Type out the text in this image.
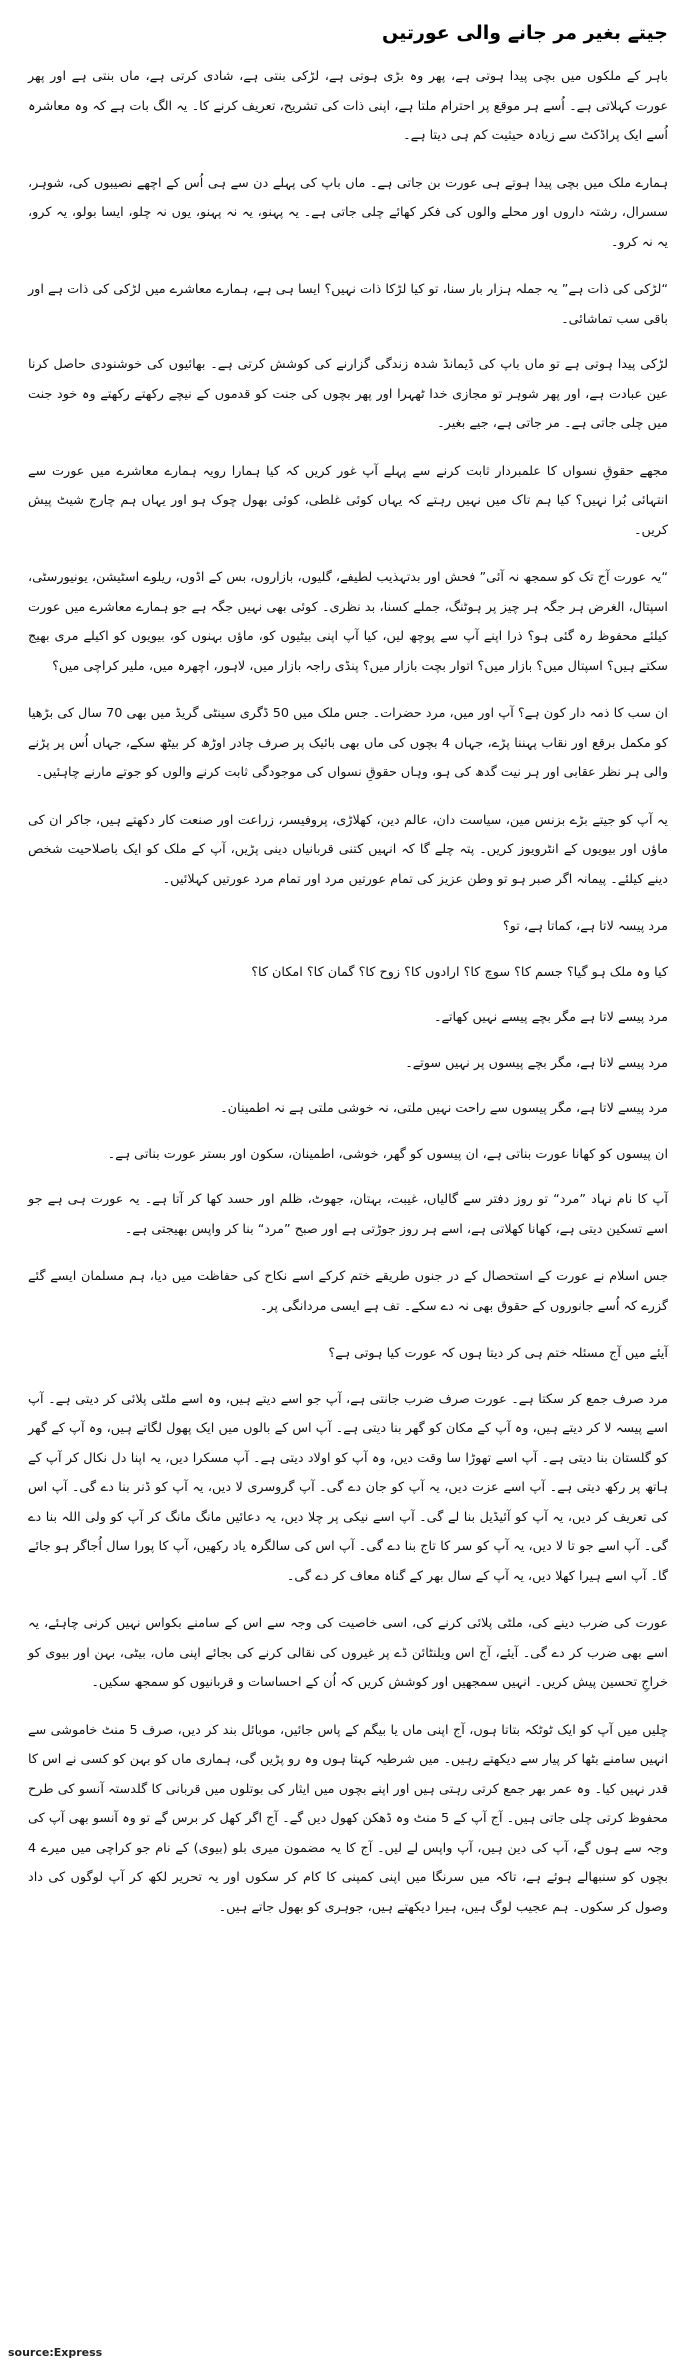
جیتے بغیر مر جانے والی عورتیں

باہر کے ملکوں میں بچی پیدا ہوتی ہے، پھر وہ بڑی ہوتی ہے، لڑکی بنتی ہے، شادی کرتی ہے، ماں بنتی ہے اور پھر عورت کہلاتی ہے۔ اُسے ہر موقع پر احترام ملتا ہے، اپنی ذات کی تشریح، تعریف کرنے کا۔ یہ الگ بات ہے کہ وہ معاشرہ اُسے ایک پراڈکٹ سے زیادہ حیثیت کم ہی دیتا ہے۔

ہمارے ملک میں بچی پیدا ہوتے ہی عورت بن جاتی ہے۔ ماں باپ کی پہلے دن سے ہی اُس کے اچھے نصیبوں کی، شوہر، سسرال، رشتہ داروں اور محلے والوں کی فکر کھائے چلی جاتی ہے۔ یہ پہنو، یہ نہ پہنو، یوں نہ چلو، ایسا بولو، یہ کرو، یہ نہ کرو۔

“لڑکی کی ذات ہے” یہ جملہ ہزار بار سنا، تو کیا لڑکا ذات نہیں؟ ایسا ہی ہے، ہمارے معاشرے میں لڑکی کی ذات ہے اور باقی سب تماشائی۔

لڑکی پیدا ہوتی ہے تو ماں باپ کی ڈیمانڈ شدہ زندگی گزارنے کی کوشش کرتی ہے۔ بھائیوں کی خوشنودی حاصل کرنا عین عبادت ہے، اور پھر شوہر تو مجازی خدا ٹھہرا اور پھر بچوں کی جنت کو قدموں کے نیچے رکھتے رکھتے وہ خود جنت میں چلی جاتی ہے۔ مر جاتی ہے، جیے بغیر۔

مجھے حقوقِ نسواں کا علمبردار ثابت کرنے سے پہلے آپ غور کریں کہ کیا ہمارا رویہ ہمارے معاشرے میں عورت سے انتہائی بُرا نہیں؟ کیا ہم تاک میں نہیں رہتے کہ یہاں کوئی غلطی، کوئی بھول چوک ہو اور یہاں ہم چارج شیٹ پیش کریں۔

“یہ عورت آج تک کو سمجھ نہ آئی” فحش اور بدتہذیب لطیفے، گلیوں، بازاروں، بس کے اڈوں، ریلوے اسٹیشن، یونیورسٹی، اسپتال، الغرض ہر جگہ ہر چیز پر ہوٹنگ، جملے کسنا، بد نظری۔ کوئی بھی نہیں جگہ ہے جو ہمارے معاشرے میں عورت کیلئے محفوظ رہ گئی ہو؟ ذرا اپنے آپ سے پوچھ لیں، کیا آپ اپنی بیٹیوں کو، ماؤں بہنوں کو، بیویوں کو اکیلے مری بھیج سکتے ہیں؟ اسپتال میں؟ بازار میں؟ اتوار بچت بازار میں؟ پنڈی راجہ بازار میں، لاہور، اچھرہ میں، ملیر کراچی میں؟

ان سب کا ذمہ دار کون ہے؟ آپ اور میں، مرد حضرات۔ جس ملک میں 50 ڈگری سینٹی گریڈ میں بھی 70 سال کی بڑھیا کو مکمل برقع اور نقاب پہننا پڑے، جہاں 4 بچوں کی ماں بھی بائیک پر صرف چادر اوڑھ کر بیٹھ سکے، جہاں اُس پر پڑنے والی ہر نظر عقابی اور ہر نیت گدھ کی ہو، وہاں حقوقِ نسواں کی موجودگی ثابت کرنے والوں کو جوتے مارنے چاہئیں۔

یہ آپ کو جیتے بڑے بزنس مین، سیاست دان، عالم دین، کھلاڑی، پروفیسر، زراعت اور صنعت کار دکھتے ہیں، جاکر ان کی ماؤں اور بیویوں کے انٹرویوز کریں۔ پتہ چلے گا کہ انہیں کتنی قربانیاں دینی پڑیں، آپ کے ملک کو ایک باصلاحیت شخص دینے کیلئے۔ پیمانہ اگر صبر ہو تو وطن عزیز کی تمام عورتیں مرد اور تمام مرد عورتیں کہلائیں۔

مرد پیسہ لاتا ہے، کماتا ہے، تو؟

کیا وہ ملک ہو گیا؟ جسم کا؟ سوچ کا؟ ارادوں کا؟ زوح کا؟ گمان کا؟ امکان کا؟

مرد پیسے لاتا ہے مگر بچے پیسے نہیں کھاتے۔

مرد پیسے لاتا ہے، مگر بچے پیسوں پر نہیں سوتے۔

مرد پیسے لاتا ہے، مگر پیسوں سے راحت نہیں ملتی، نہ خوشی ملتی ہے نہ اطمینان۔

ان پیسوں کو کھانا عورت بناتی ہے، ان پیسوں کو گھر، خوشی، اطمینان، سکون اور بستر عورت بناتی ہے۔

آپ کا نام نہاد ”مرد“ تو روز دفتر سے گالیاں، غیبت، بہتان، جھوٹ، ظلم اور حسد کھا کر آتا ہے۔ یہ عورت ہی ہے جو اسے تسکین دیتی ہے، کھانا کھلاتی ہے، اسے ہر روز جوڑتی ہے اور صبح ”مرد“ بنا کر واپس بھیجتی ہے۔

جس اسلام نے عورت کے استحصال کے در جنوں طریقے ختم کرکے اسے نکاح کی حفاظت میں دیا، ہم مسلمان ایسے گئے گزرے کہ اُسے جانوروں کے حقوق بھی نہ دے سکے۔ تف ہے ایسی مردانگی پر۔

آیئے میں آج مسئلہ ختم ہی کر دیتا ہوں کہ عورت کیا ہوتی ہے؟

مرد صرف جمع کر سکتا ہے۔ عورت صرف ضرب جانتی ہے، آپ جو اسے دیتے ہیں، وہ اسے ملٹی پلائی کر دیتی ہے۔ آپ اسے پیسہ لا کر دیتے ہیں، وہ آپ کے مکان کو گھر بنا دیتی ہے۔ آپ اس کے بالوں میں ایک پھول لگاتے ہیں، وہ آپ کے گھر کو گلستان بنا دیتی ہے۔ آپ اسے تھوڑا سا وقت دیں، وہ آپ کو اولاد دیتی ہے۔ آپ مسکرا دیں، یہ اپنا دل نکال کر آپ کے ہاتھ پر رکھ دیتی ہے۔ آپ اسے عزت دیں، یہ آپ کو جان دے گی۔ آپ گروسری لا دیں، یہ آپ کو ڈنر بنا دے گی۔ آپ اس کی تعریف کر دیں، یہ آپ کو آئیڈیل بنا لے گی۔ آپ اسے نیکی پر چلا دیں، یہ دعائیں مانگ مانگ کر آپ کو ولی اللہ بنا دے گی۔ آپ اسے جو تا لا دیں، یہ آپ کو سر کا تاج بنا دے گی۔ آپ اس کی سالگرہ یاد رکھیں، آپ کا پورا سال اُجاگر ہو جائے گا۔ آپ اسے ہیرا کھلا دیں، یہ آپ کے سال بھر کے گناہ معاف کر دے گی۔

عورت کی ضرب دینے کی، ملٹی پلائی کرنے کی، اسی خاصیت کی وجہ سے اس کے سامنے بکواس نہیں کرنی چاہئے، یہ اسے بھی ضرب کر دے گی۔ آیئے، آج اس ویلنٹائن ڈے پر غیروں کی نقالی کرنے کی بجائے اپنی ماں، بیٹی، بہن اور بیوی کو خراجِ تحسین پیش کریں۔ انہیں سمجھیں اور کوشش کریں کہ اُن کے احساسات و قربانیوں کو سمجھ سکیں۔

چلیں میں آپ کو ایک ٹوٹکہ بتاتا ہوں، آج اپنی ماں یا بیگم کے پاس جائیں، موبائل بند کر دیں، صرف 5 منٹ خاموشی سے انہیں سامنے بٹھا کر پیار سے دیکھتے رہیں۔ میں شرطیہ کہتا ہوں وہ رو پڑیں گی، ہماری ماں کو بہن کو کسی نے اس کا قدر نہیں کیا۔ وہ عمر بھر جمع کرتی رہتی ہیں اور اپنے بچوں میں ایثار کی بوتلوں میں قربانی کا گلدستہ آنسو کی طرح محفوظ کرتی چلی جاتی ہیں۔ آج آپ کے 5 منٹ وہ ڈھکن کھول دیں گے۔ آج اگر کھل کر برس گے تو وہ آنسو بھی آپ کی وجہ سے ہوں گے، آپ کی دین ہیں، آپ واپس لے لیں۔ آج کا یہ مضمون میری بلو (بیوی) کے نام جو کراچی میں میرے 4 بچوں کو سنبھالے ہوئے ہے، تاکہ میں سرنگا میں اپنی کمپنی کا کام کر سکوں اور یہ تحریر لکھ کر آپ لوگوں کی داد وصول کر سکوں۔ ہم عجیب لوگ ہیں، ہیرا دیکھتے ہیں، جوہری کو بھول جاتے ہیں۔

source:Express
